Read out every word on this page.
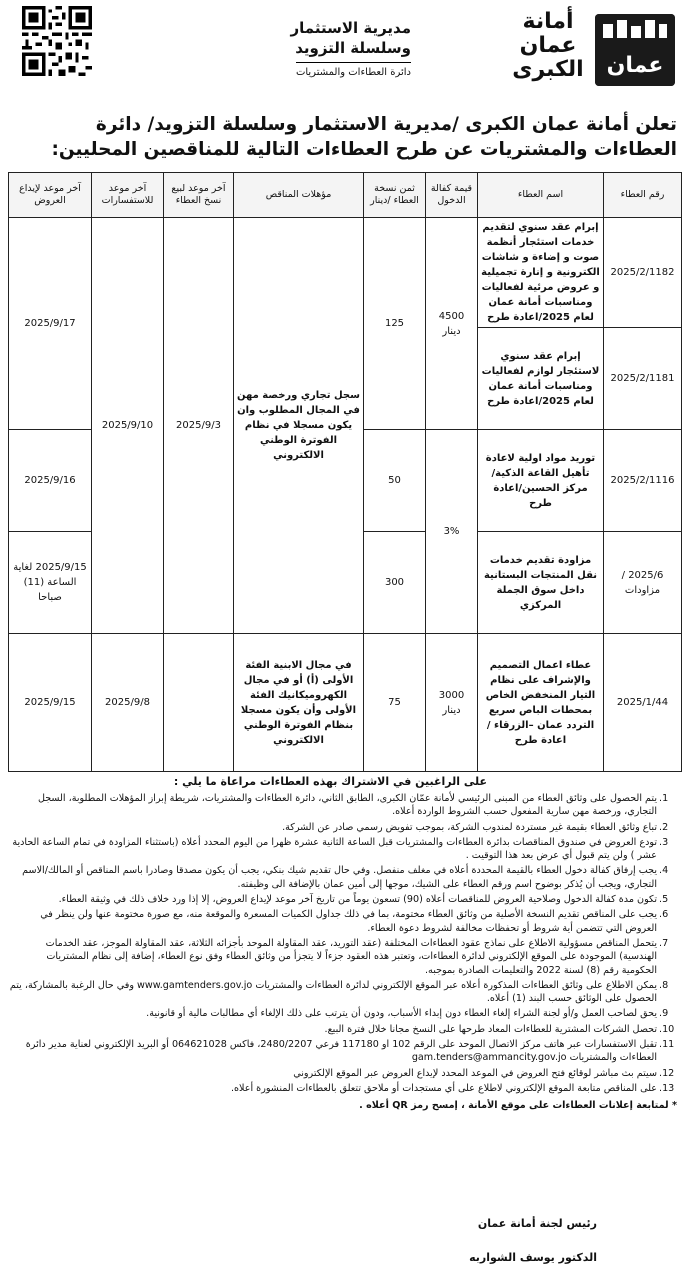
أمانة عمان الكبرى عمان
مديرية الاستثمار
وسلسلة التزويد
دائرة العطاءات والمشتريات
تعلن أمانة عمان الكبرى /مديرية الاستثمار وسلسلة التزويد/ دائرة العطاءات والمشتريات عن طرح العطاءات التالية للمناقصين المحليين:
رقم العطاء	اسم العطاء	قيمة كفالة الدخول	ثمن نسخة العطاء /دينار	مؤهلات المناقص	آخر موعد لبيع نسخ العطاء	آخر موعد للاستفسارات	آخر موعد لإيداع العروض
2025/2/1182	إبرام عقد سنوي لتقديم خدمات استئجار أنظمة صوت و إضاءة و شاشات الكترونية و إنارة تجميلية و عروض مرئية لفعاليات ومناسبات أمانة عمان لعام 2025/اعادة طرح	4500 دينار	125	سجل تجاري ورخصة مهن في المجال المطلوب وان يكون مسجلا في نظام الفوترة الوطني الالكتروني	2025/9/3	2025/9/10	2025/9/17
2025/2/1181	إبرام عقد سنوي لاستئجار لوازم لفعاليات ومناسبات أمانة عمان لعام 2025/اعادة طرح						
2025/2/1116	توريد مواد اولية لاعادة تأهيل القاعة الذكية/مركز الحسين/اعادة طرح	3%	50				2025/9/16
2025/6 /مزاودات	مزاودة تقديم خدمات نقل المنتجات البستانية داخل سوق الجملة المركزي		300				2025/9/15 لغاية الساعة (11) صباحا
2025/1/44	عطاء اعمال التصميم والإشراف على نظام التيار المنخفض الخاص بمحطات الباص سريع التردد عمان –الزرقاء / اعادة طرح	3000 دينار	75	في مجال الابنية الفئة الأولى (أ) أو في مجال الكهروميكانيك الفئة الأولى وأن يكون مسجلا بنظام الفوترة الوطني الالكتروني		2025/9/8	2025/9/15
على الراغبين في الاشتراك بهذه العطاءات مراعاة ما يلي :
1.
يتم الحصول على وثائق العطاء من المبنى الرئيسي لأمانة عمّان الكبرى، الطابق الثاني، دائرة العطاءات والمشتريات، شريطة إبراز المؤهلات المطلوبة، السجل التجاري، ورخصة مهن سارية المفعول حسب الشروط الواردة أعلاه.
2.
تباع وثائق العطاء بقيمة غير مستردة لمندوب الشركة، بموجب تفويض رسمي صادر عن الشركة.
3.
تودع العروض في صندوق المناقصات بدائرة العطاءات والمشتريات قبل الساعة الثانية عشرة ظهرا من اليوم المحدد أعلاه (باستثناء المزاودة في تمام الساعة الحادية عشر ) ولن يتم قبول أي عرض بعد هذا التوقيت .
4.
يجب إرفاق كفالة دخول العطاء بالقيمة المحددة أعلاه في مغلف منفصل. وفي حال تقديم شيك بنكي، يجب أن يكون مصدقا وصادرا باسم المناقص أو المالك/الاسم التجاري، ويجب أن يُذكر بوضوح اسم ورقم العطاء على الشيك، موجها إلى أمين عمان بالإضافة الى وظيفته.
5.
تكون مدة كفالة الدخول وصلاحية العروض للمناقصات أعلاه (90) تسعون يوماً من تاريخ آخر موعد لإيداع العروض، إلا إذا ورد خلاف ذلك في وثيقة العطاء.
6.
يجب على المناقص تقديم النسخة الأصلية من وثائق العطاء مختومة، بما في ذلك جداول الكميات المسعرة والموقعة منه، مع صورة مختومة عنها ولن ينظر في العروض التي تتضمن أية شروط أو تحفظات مخالفة لشروط دعوة العطاء.
7.
يتحمل المناقص مسؤولية الاطلاع على نماذج عقود العطاءات المختلفة (عقد التوريد، عقد المقاولة الموحد بأجزائه الثلاثة، عقد المقاولة الموجز، عقد الخدمات الهندسية) الموجودة على الموقع الإلكتروني لدائرة العطاءات، وتعتبر هذه العقود جزءاً لا يتجزأ من وثائق العطاء وفق نوع العطاء، إضافة إلى نظام المشتريات الحكومية رقم (8) لسنة 2022 والتعليمات الصادرة بموجبه.
8.
يمكن الاطلاع على وثائق العطاءات المذكورة أعلاه عبر الموقع الإلكتروني لدائرة العطاءات والمشتريات www.gamtenders.gov.jo وفي حال الرغبة بالمشاركة، يتم الحصول على الوثائق حسب البند (1) أعلاه.
9.
يحق لصاحب العمل و/أو لجنة الشراء إلغاء العطاء دون إبداء الأسباب، ودون أن يترتب على ذلك الإلغاء أي مطالبات مالية أو قانونية.
10.
تحصل الشركات المشترية للعطاءات المعاد طرحها على النسخ مجانا خلال فترة البيع.
11.
تقبل الاستفسارات عبر هاتف مركز الاتصال الموحد على الرقم 102 او 117180 فرعي 2480/2207، فاكس 064621028 أو البريد الإلكتروني لعناية مدير دائرة العطاءات والمشتريات gam.tenders@ammancity.gov.jo
12.
سيتم بث مباشر لوقائع فتح العروض في الموعد المحدد لإيداع العروض عبر الموقع الإلكتروني
13.
على المناقص متابعة الموقع الإلكتروني لاطلاع على أي مستجدات أو ملاحق تتعلق بالعطاءات المنشورة أعلاه.
* لمتابعة إعلانات العطاءات على موقع الأمانة ، إمسح رمز QR أعلاه .
رئيس لجنة أمانة عمان
الدكتور يوسف الشواربه
